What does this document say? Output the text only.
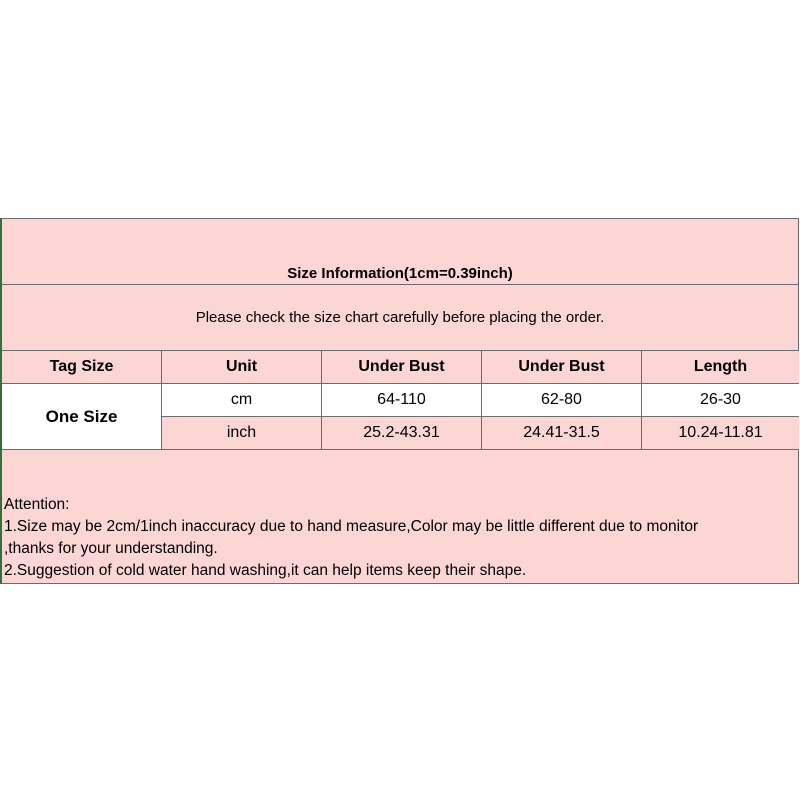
Size Information(1cm=0.39inch)
Please check the size chart carefully before placing the order.
Tag Size	Unit	Under Bust	Under Bust	Length
One Size
cm	64-110	62-80	26-30
inch	25.2-43.31	24.41-31.5	10.24-11.81
Attention:
1.Size may be 2cm/1inch inaccuracy due to hand measure,Color may be little different due to monitor
,thanks for your understanding.
2.Suggestion of cold water hand washing,it can help items keep their shape.
